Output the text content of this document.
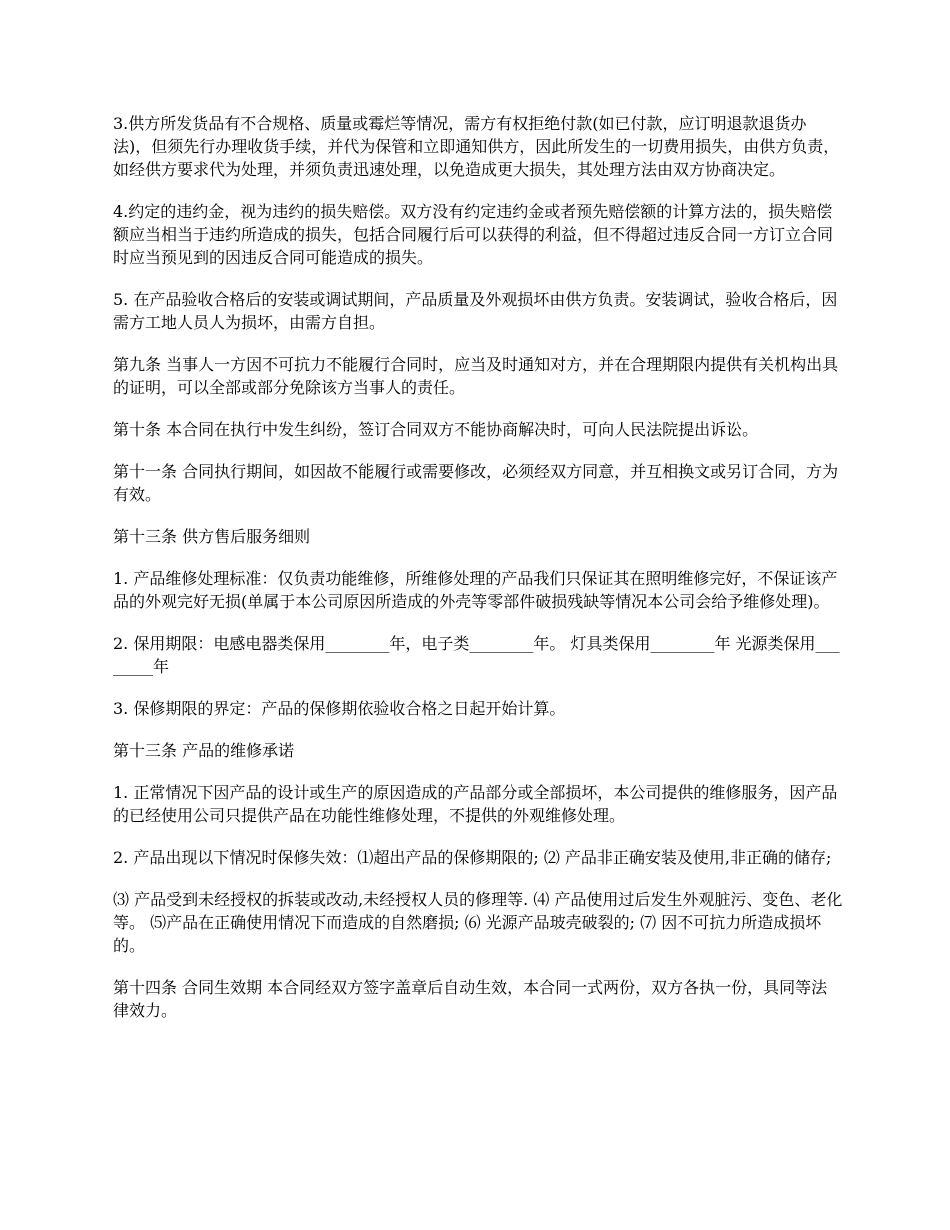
3.供方所发货品有不合规格、质量或霉烂等情况，需方有权拒绝付款(如已付款，应订明退款退货办法)，但须先行办理收货手续，并代为保管和立即通知供方，因此所发生的一切费用损失，由供方负责，如经供方要求代为处理，并须负责迅速处理，以免造成更大损失，其处理方法由双方协商决定。

4.约定的违约金，视为违约的损失赔偿。双方没有约定违约金或者预先赔偿额的计算方法的，损失赔偿额应当相当于违约所造成的损失，包括合同履行后可以获得的利益，但不得超过违反合同一方订立合同时应当预见到的因违反合同可能造成的损失。

5. 在产品验收合格后的安装或调试期间，产品质量及外观损坏由供方负责。安装调试，验收合格后，因需方工地人员人为损坏，由需方自担。

第九条 当事人一方因不可抗力不能履行合同时，应当及时通知对方，并在合理期限内提供有关机构出具的证明，可以全部或部分免除该方当事人的责任。

第十条 本合同在执行中发生纠纷，签订合同双方不能协商解决时，可向人民法院提出诉讼。

第十一条 合同执行期间，如因故不能履行或需要修改，必须经双方同意，并互相换文或另订合同，方为有效。

第十三条 供方售后服务细则

1. 产品维修处理标准：仅负责功能维修，所维修处理的产品我们只保证其在照明维修完好，不保证该产品的外观完好无损(单属于本公司原因所造成的外壳等零部件破损残缺等情况本公司会给予维修处理)。

2. 保用期限：电感电器类保用________年，电子类________年。 灯具类保用________年 光源类保用________年

3. 保修期限的界定：产品的保修期依验收合格之日起开始计算。

第十三条 产品的维修承诺

1. 正常情况下因产品的设计或生产的原因造成的产品部分或全部损坏，本公司提供的维修服务，因产品的已经使用公司只提供产品在功能性维修处理，不提供的外观维修处理。

2. 产品出现以下情况时保修失效：⑴超出产品的保修期限的; ⑵ 产品非正确安装及使用,非正确的储存;

⑶ 产品受到未经授权的拆装或改动,未经授权人员的修理等. ⑷ 产品使用过后发生外观脏污、变色、老化等。 ⑸产品在正确使用情况下而造成的自然磨损; ⑹ 光源产品玻壳破裂的; ⑺ 因不可抗力所造成损坏的。

第十四条 合同生效期 本合同经双方签字盖章后自动生效，本合同一式两份，双方各执一份，具同等法律效力。
